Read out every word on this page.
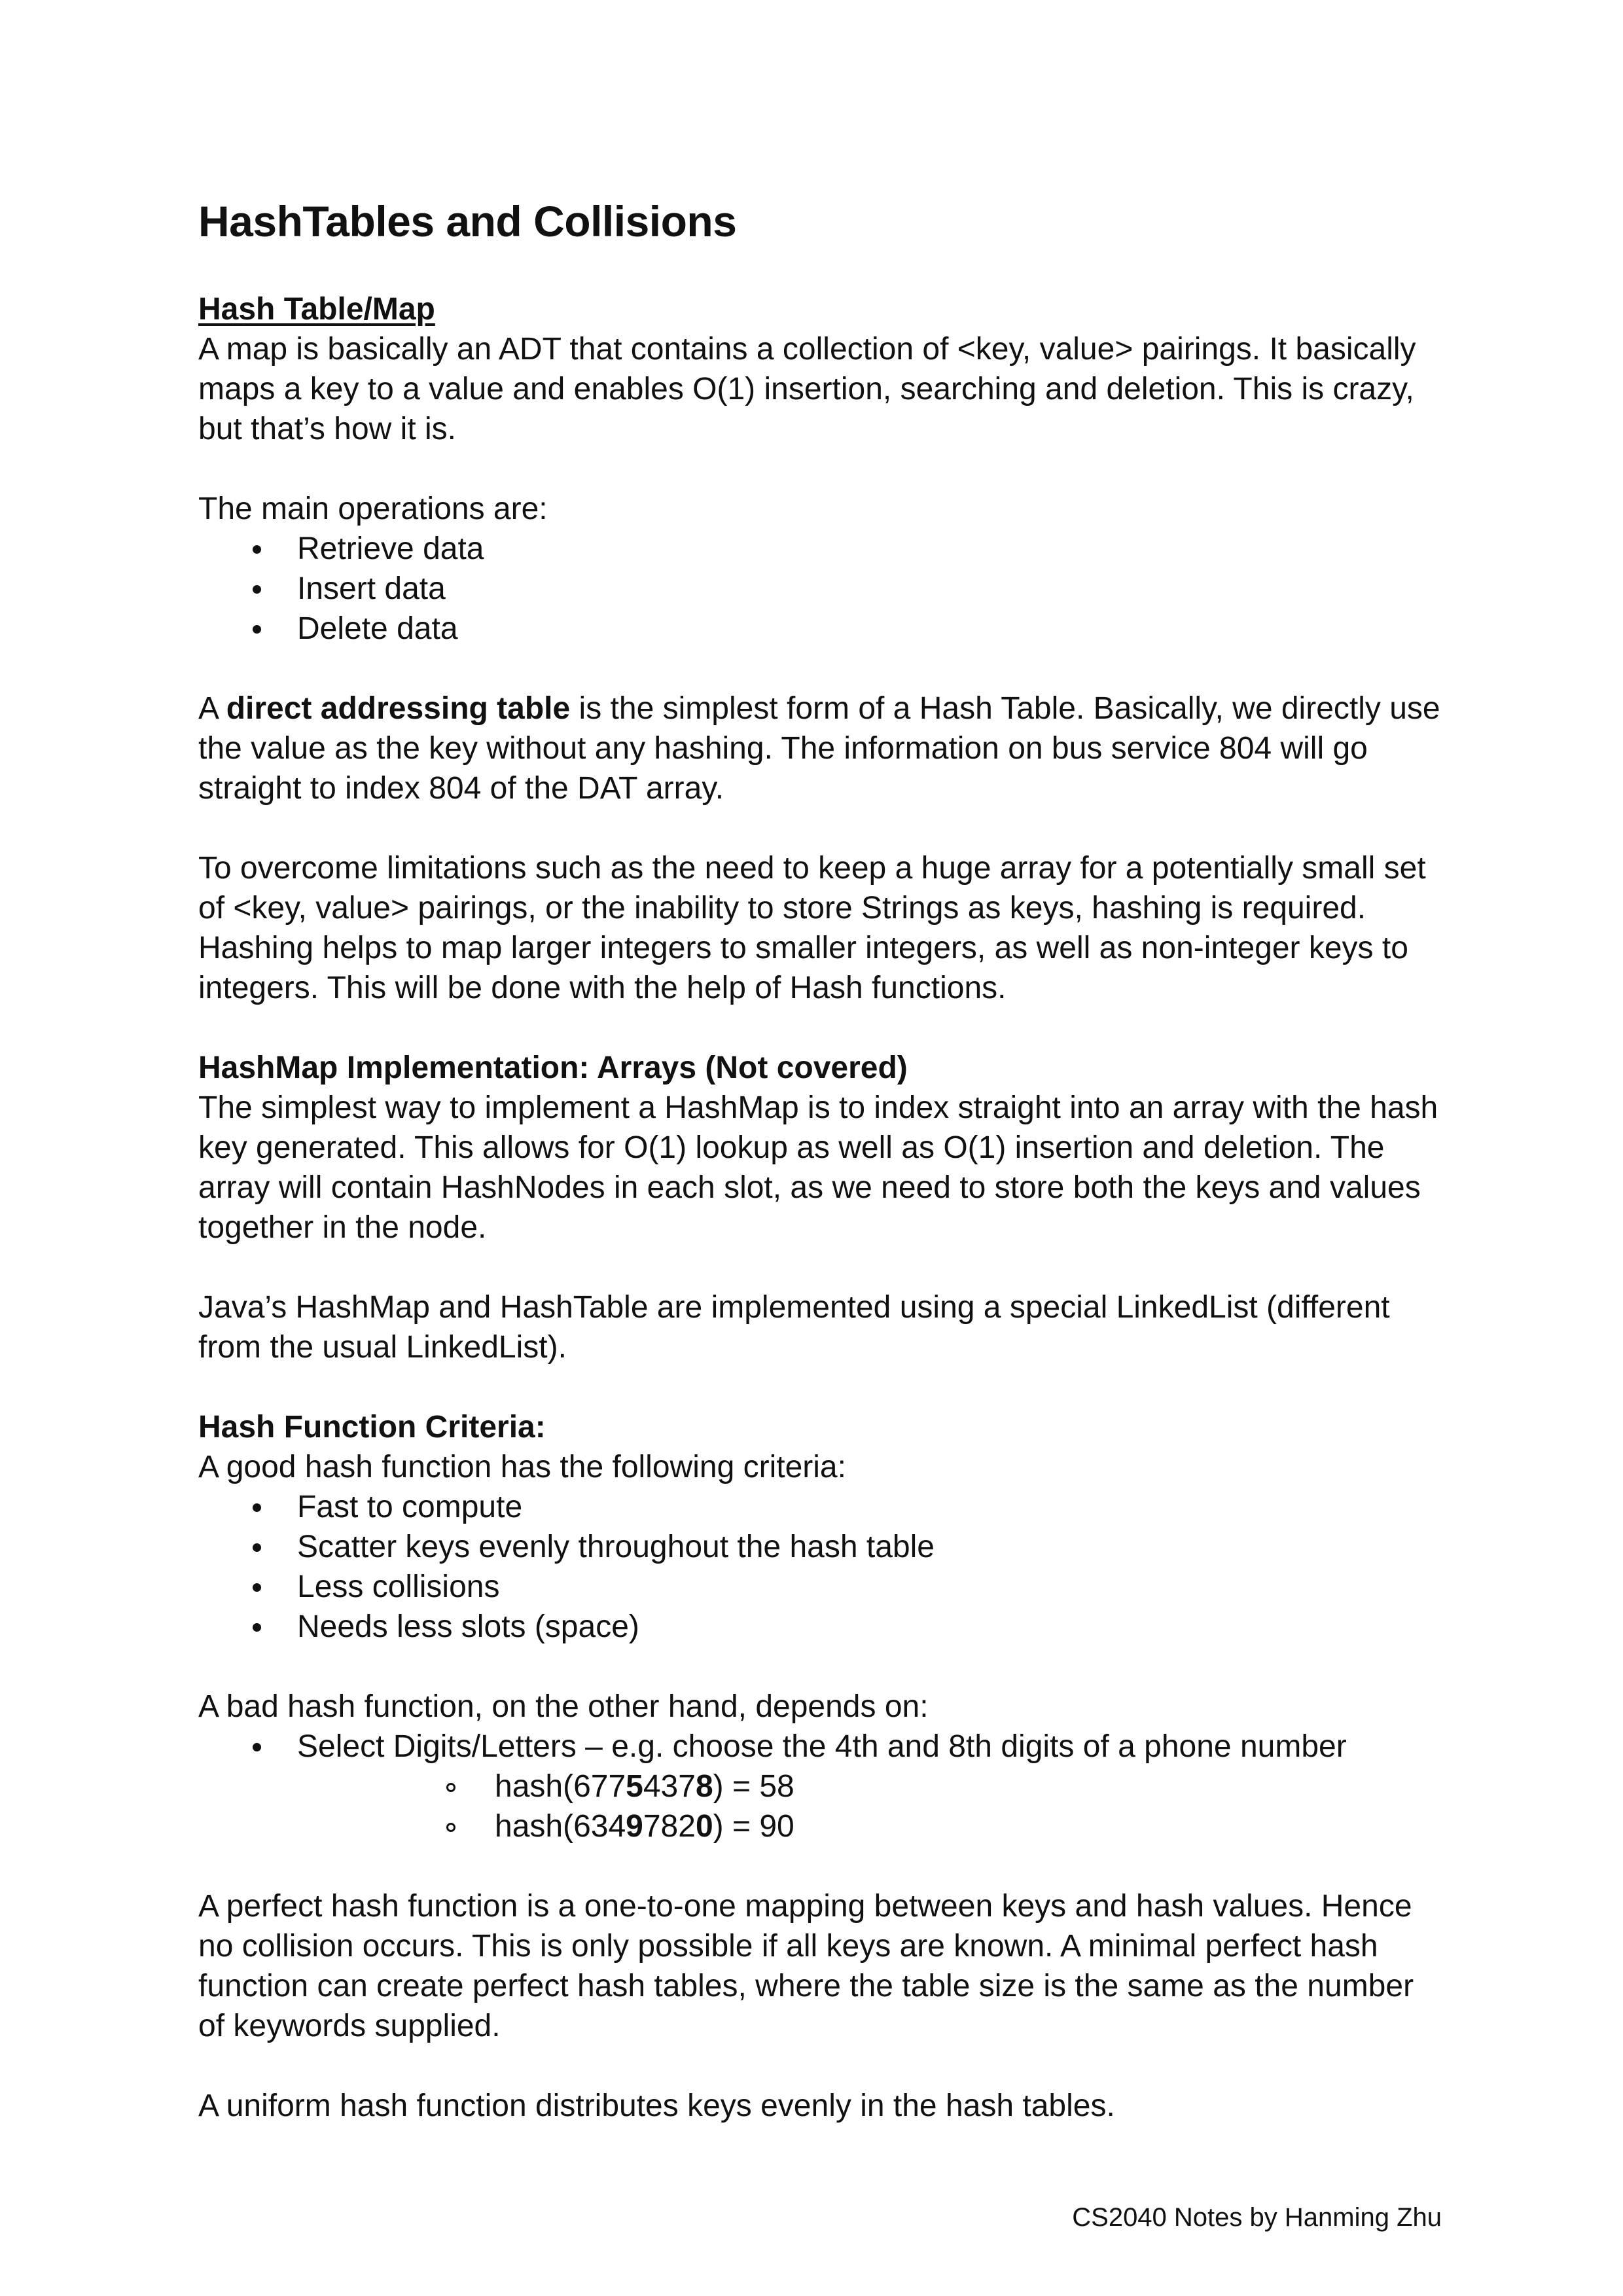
HashTables and Collisions

Hash Table/Map

A map is basically an ADT that contains a collection of <key, value> pairings. It basically maps a key to a value and enables O(1) insertion, searching and deletion. This is crazy, but that’s how it is.

The main operations are:

Retrieve data
Insert data
Delete data

A direct addressing table is the simplest form of a Hash Table. Basically, we directly use the value as the key without any hashing. The information on bus service 804 will go straight to index 804 of the DAT array.

To overcome limitations such as the need to keep a huge array for a potentially small set of <key, value> pairings, or the inability to store Strings as keys, hashing is required. Hashing helps to map larger integers to smaller integers, as well as non-integer keys to integers. This will be done with the help of Hash functions.

HashMap Implementation: Arrays (Not covered)

The simplest way to implement a HashMap is to index straight into an array with the hash key generated. This allows for O(1) lookup as well as O(1) insertion and deletion. The array will contain HashNodes in each slot, as we need to store both the keys and values together in the node.

Java’s HashMap and HashTable are implemented using a special LinkedList (different from the usual LinkedList).

Hash Function Criteria:

A good hash function has the following criteria:

Fast to compute
Scatter keys evenly throughout the hash table
Less collisions
Needs less slots (space)

A bad hash function, on the other hand, depends on:

Select Digits/Letters – e.g. choose the 4th and 8th digits of a phone number
hash(67754378) = 58
hash(63497820) = 90

A perfect hash function is a one-to-one mapping between keys and hash values. Hence no collision occurs. This is only possible if all keys are known. A minimal perfect hash function can create perfect hash tables, where the table size is the same as the number of keywords supplied.

A uniform hash function distributes keys evenly in the hash tables.

CS2040 Notes by Hanming Zhu
